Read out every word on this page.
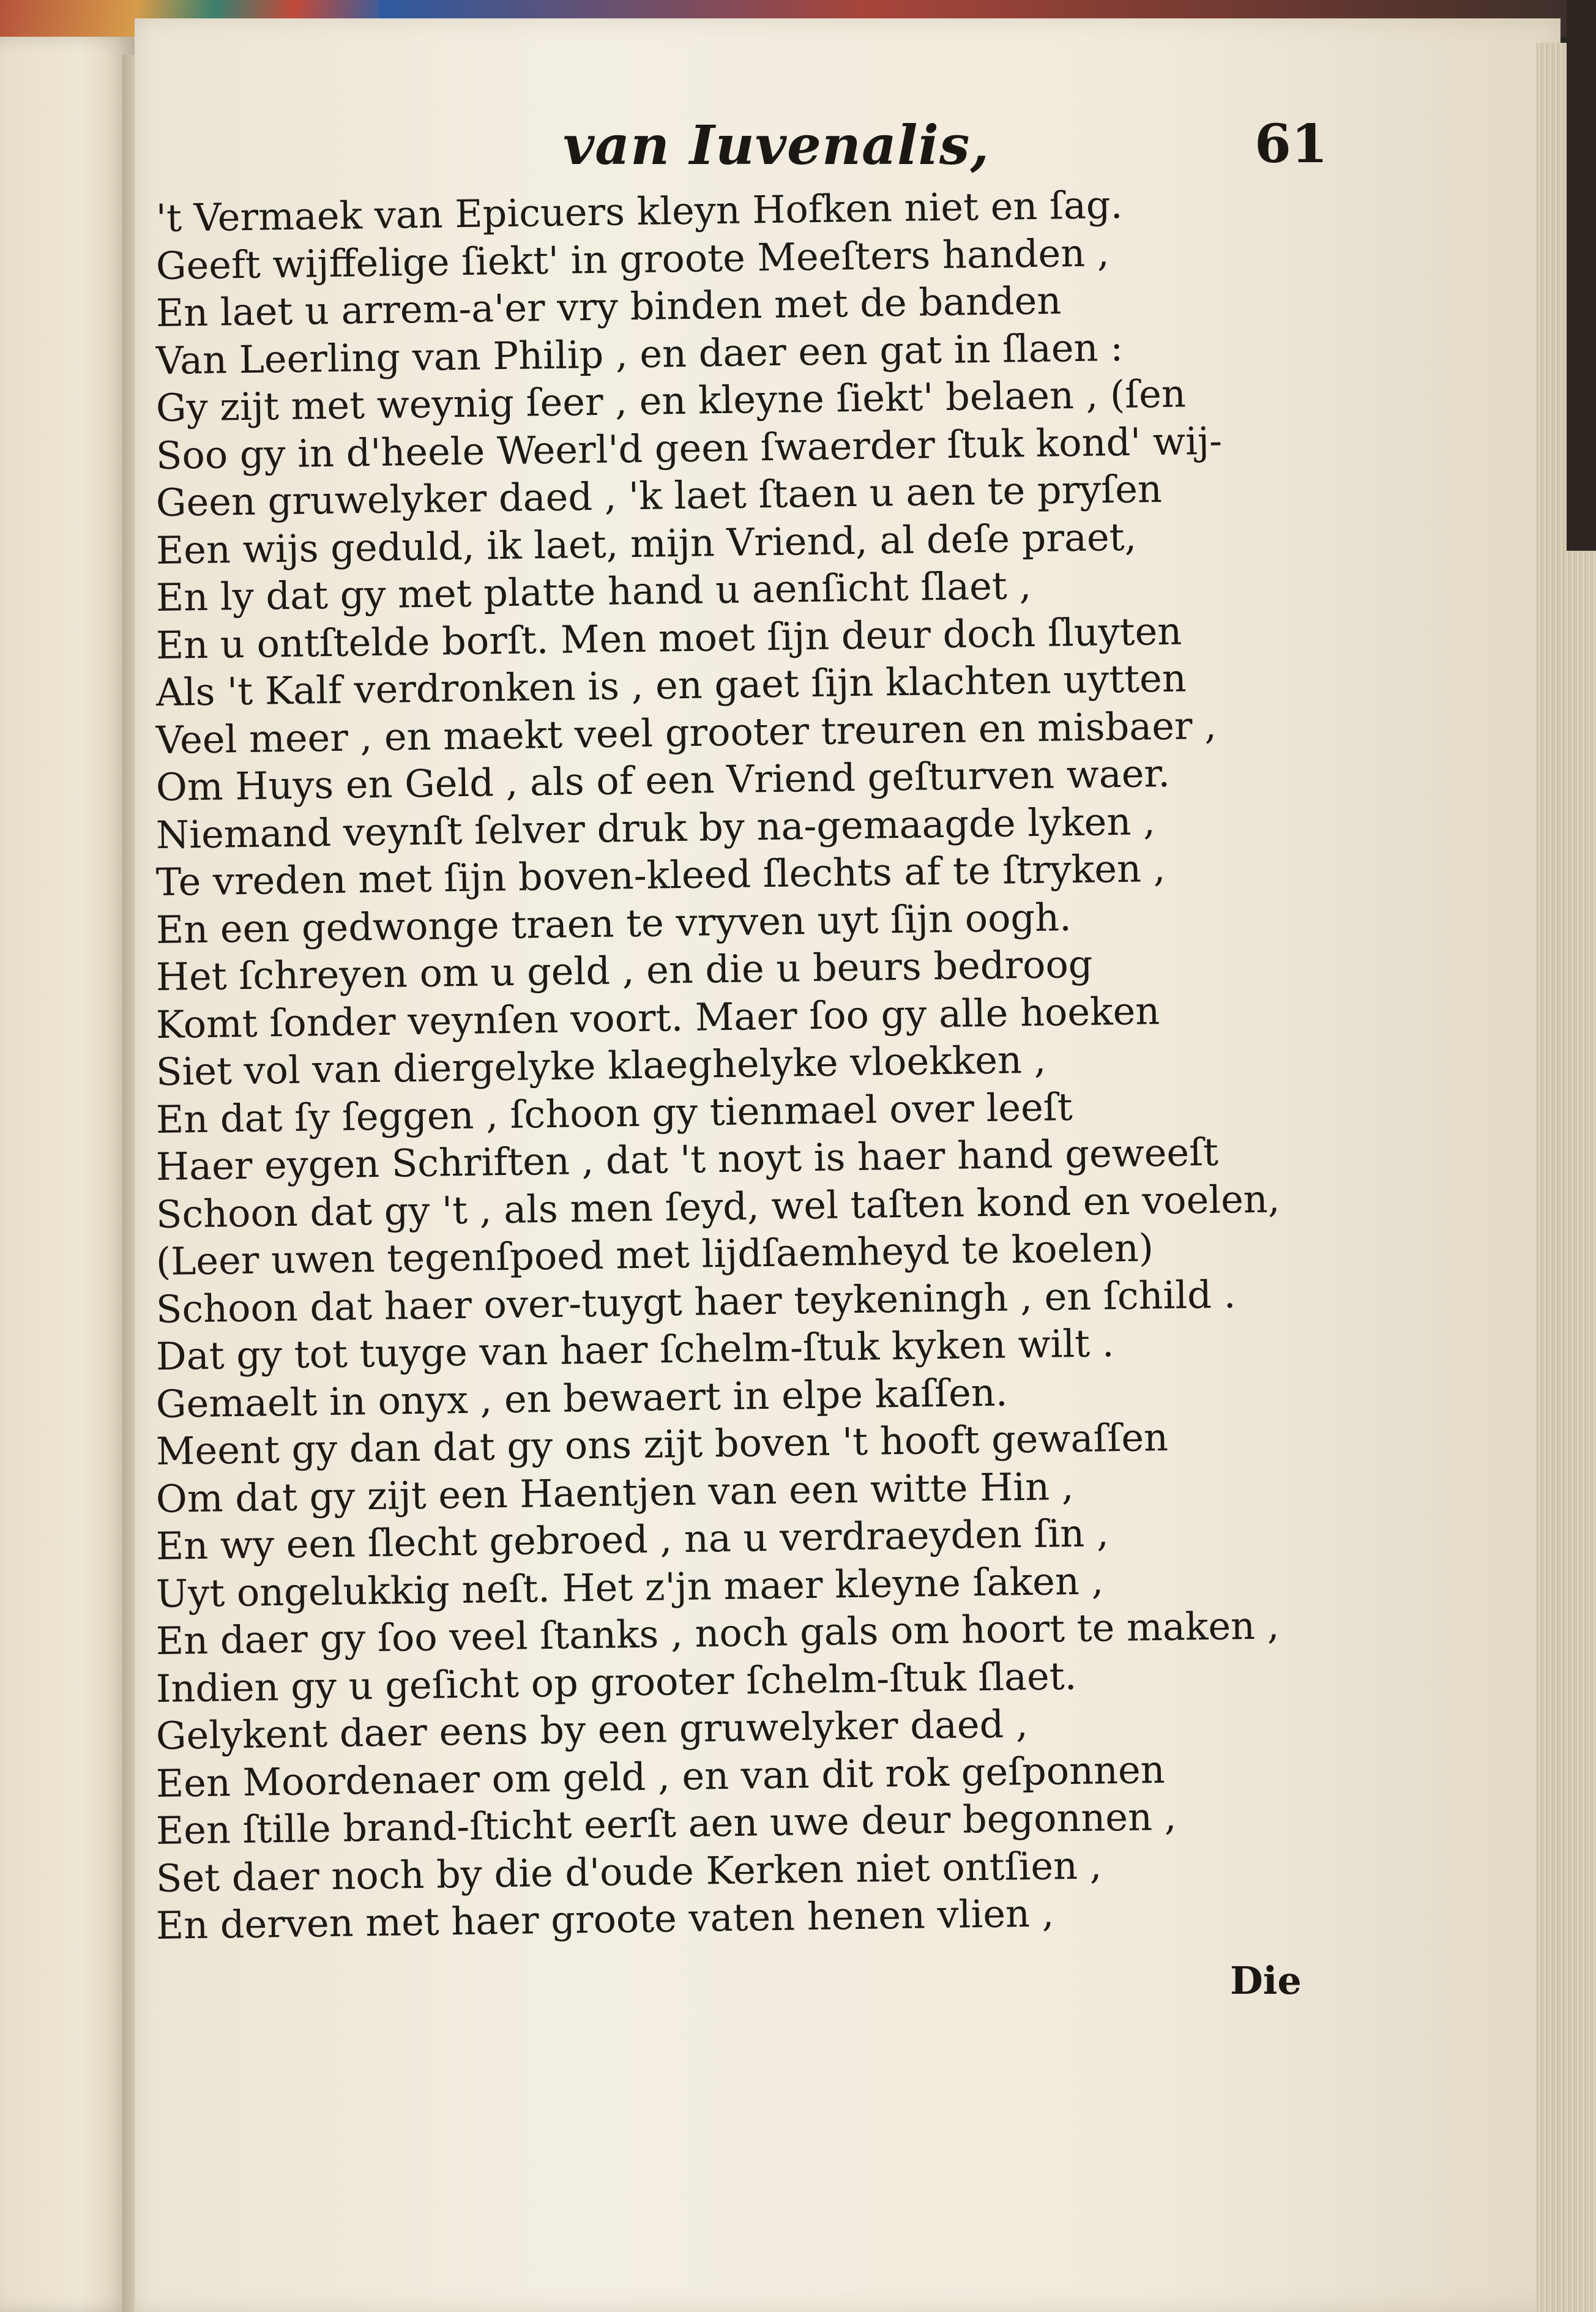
van Iuvenalis,	61
't Vermaek van Epicuers kleyn Hofken niet en ſag.
Geeft wijffelige ſiekt' in groote Meeſters handen ,
En laet u arrem-a'er vry binden met de banden
Van Leerling van Philip , en daer een gat in ſlaen :
Gy zijt met weynig ſeer , en kleyne ſiekt' belaen , (ſen
Soo gy in d'heele Weerl'd geen ſwaerder ſtuk kond' wij-
Geen gruwelyker daed , 'k laet ſtaen u aen te pryſen
Een wijs geduld, ik laet, mijn Vriend, al deſe praet,
En ly dat gy met platte hand u aenſicht ſlaet ,
En u ontſtelde borſt. Men moet ſijn deur doch ſluyten
Als 't Kalf verdronken is , en gaet ſijn klachten uytten
Veel meer , en maekt veel grooter treuren en misbaer ,
Om Huys en Geld , als of een Vriend geſturven waer.
Niemand veynſt ſelver druk by na-gemaagde lyken ,
Te vreden met ſijn boven-kleed ſlechts af te ſtryken ,
En een gedwonge traen te vryven uyt ſijn oogh.
Het ſchreyen om u geld , en die u beurs bedroog
Komt ſonder veynſen voort. Maer ſoo gy alle hoeken
Siet vol van diergelyke klaeghelyke vloekken ,
En dat ſy ſeggen , ſchoon gy tienmael over leeſt
Haer eygen Schriften , dat 't noyt is haer hand geweeſt
Schoon dat gy 't , als men ſeyd, wel taſten kond en voelen,
(Leer uwen tegenſpoed met lijdſaemheyd te koelen)
Schoon dat haer over-tuygt haer teykeningh , en ſchild .
Dat gy tot tuyge van haer ſchelm-ſtuk kyken wilt .
Gemaelt in onyx , en bewaert in elpe kaſſen.
Meent gy dan dat gy ons zijt boven 't hooft gewaſſen
Om dat gy zijt een Haentjen van een witte Hin ,
En wy een ſlecht gebroed , na u verdraeyden ſin ,
Uyt ongelukkig neſt. Het z'jn maer kleyne ſaken ,
En daer gy ſoo veel ſtanks , noch gals om hoort te maken ,
Indien gy u geſicht op grooter ſchelm-ſtuk ſlaet.
Gelykent daer eens by een gruwelyker daed ,
Een Moordenaer om geld , en van dit rok geſponnen
Een ſtille brand-ſticht eerſt aen uwe deur begonnen ,
Set daer noch by die d'oude Kerken niet ontſien ,
En derven met haer groote vaten henen vlien ,
Die
